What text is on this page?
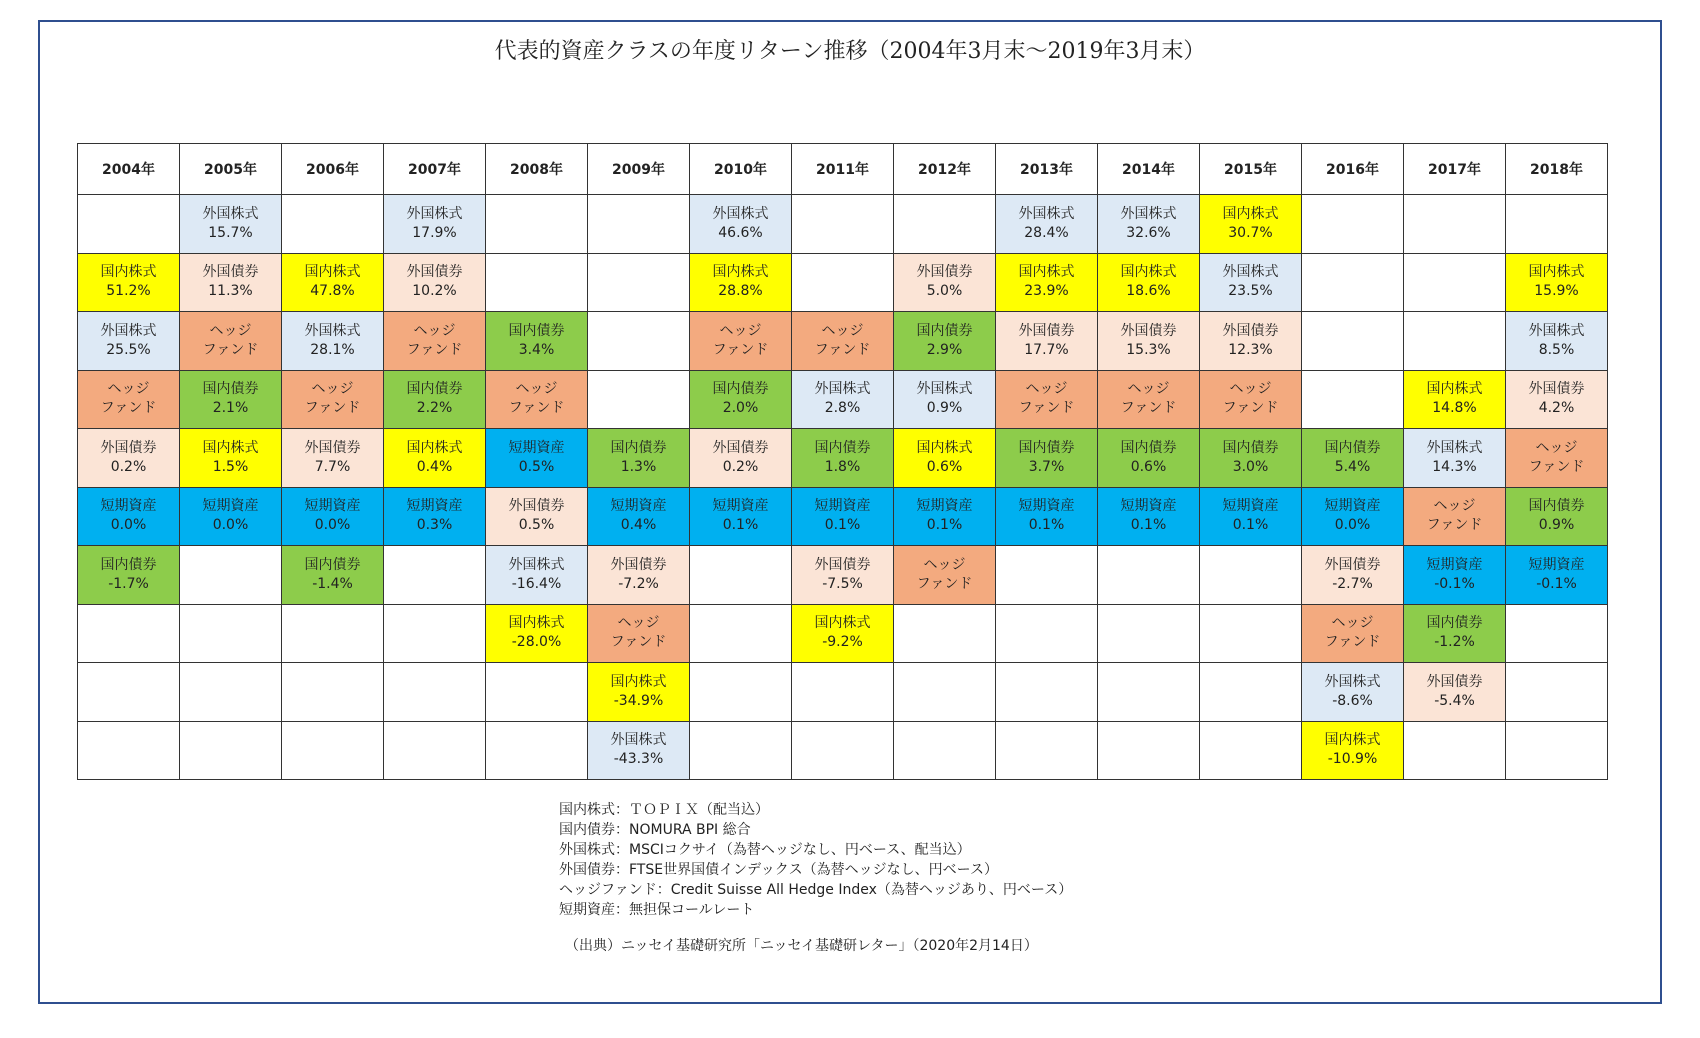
代表的資産クラスの年度リターン推移（2004年3月末～2019年3月末）
2004年	2005年	2006年	2007年	2008年	2009年	2010年	2011年	2012年	2013年	2014年	2015年	2016年	2017年	2018年

	外国株式
15.7%		外国株式
17.9%			外国株式
46.6%			外国株式
28.4%	外国株式
32.6%	国内株式
30.7%			

国内株式
51.2%	外国債券
11.3%	国内株式
47.8%	外国債券
10.2%			国内株式
28.8%		外国債券
5.0%	国内株式
23.9%	国内株式
18.6%	外国株式
23.5%			国内株式
15.9%

外国株式
25.5%	ヘッジ
ファンド	外国株式
28.1%	ヘッジ
ファンド	国内債券
3.4%		ヘッジ
ファンド	ヘッジ
ファンド	国内債券
2.9%	外国債券
17.7%	外国債券
15.3%	外国債券
12.3%			外国株式
8.5%

ヘッジ
ファンド	国内債券
2.1%	ヘッジ
ファンド	国内債券
2.2%	ヘッジ
ファンド		国内債券
2.0%	外国株式
2.8%	外国株式
0.9%	ヘッジ
ファンド	ヘッジ
ファンド	ヘッジ
ファンド		国内株式
14.8%	外国債券
4.2%

外国債券
0.2%	国内株式
1.5%	外国債券
7.7%	国内株式
0.4%	短期資産
0.5%	国内債券
1.3%	外国債券
0.2%	国内債券
1.8%	国内株式
0.6%	国内債券
3.7%	国内債券
0.6%	国内債券
3.0%	国内債券
5.4%	外国株式
14.3%	ヘッジ
ファンド

短期資産
0.0%	短期資産
0.0%	短期資産
0.0%	短期資産
0.3%	外国債券
0.5%	短期資産
0.4%	短期資産
0.1%	短期資産
0.1%	短期資産
0.1%	短期資産
0.1%	短期資産
0.1%	短期資産
0.1%	短期資産
0.0%	ヘッジ
ファンド	国内債券
0.9%

国内債券
-1.7%		国内債券
-1.4%		外国株式
-16.4%	外国債券
-7.2%		外国債券
-7.5%	ヘッジ
ファンド				外国債券
-2.7%	短期資産
-0.1%	短期資産
-0.1%

				国内株式
-28.0%	ヘッジ
ファンド		国内株式
-9.2%					ヘッジ
ファンド	国内債券
-1.2%	

					国内株式
-34.9%							外国株式
-8.6%	外国債券
-5.4%	

					外国株式
-43.3%							国内株式
-10.9%		

国内株式：ＴＯＰＩＸ（配当込）
国内債券：NOMURA BPI 総合
外国株式：MSCIコクサイ（為替ヘッジなし、円ベース、配当込）
外国債券：FTSE世界国債インデックス（為替ヘッジなし、円ベース）
ヘッジファンド：Credit Suisse All Hedge Index（為替ヘッジあり、円ベース）
短期資産：無担保コールレート
（出典）ニッセイ基礎研究所「ニッセイ基礎研レター」（2020年2月14日）
